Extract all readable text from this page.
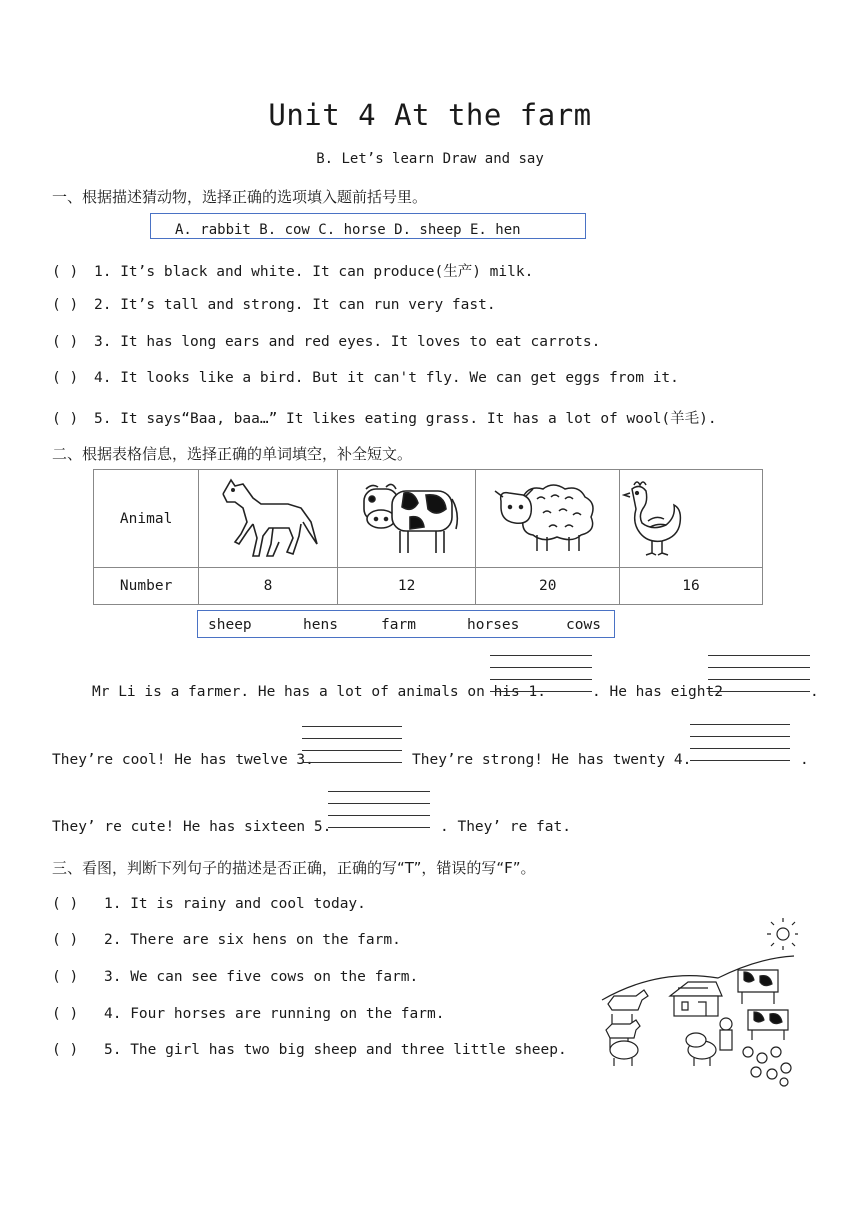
Unit 4 At the farm
B. Let’s learn Draw and say
一、根据描述猜动物，选择正确的选项填入题前括号里。
A. rabbit B. cow C. horse D. sheep E. hen
( ) 1. It’s black and white. It can produce(生产) milk.
( ) 2. It’s tall and strong. It can run very fast.
( ) 3. It has long ears and red eyes. It loves to eat carrots.
( ) 4. It looks like a bird. But it can't fly. We can get eggs from it.
( ) 5. It says“Baa, baa…” It likes eating grass. It has a lot of wool(羊毛).
二、根据表格信息，选择正确的单词填空，补全短文。
Animal				
Number	8	12	20	16
sheep	hens	farm	horses	cows
Mr Li is a farmer. He has a lot of animals on his 1.	. He has eight2	.
They’re cool! He has twelve 3.	They’re strong! He has twenty 4.	.
They’ re cute! He has sixteen 5.	. They’ re fat.
三、看图，判断下列句子的描述是否正确，正确的写“T”，错误的写“F”。
( ) 1. It is rainy and cool today.
( ) 2. There are six hens on the farm.
( ) 3. We can see five cows on the farm.
( ) 4. Four horses are running on the farm.
( ) 5. The girl has two big sheep and three little sheep.
